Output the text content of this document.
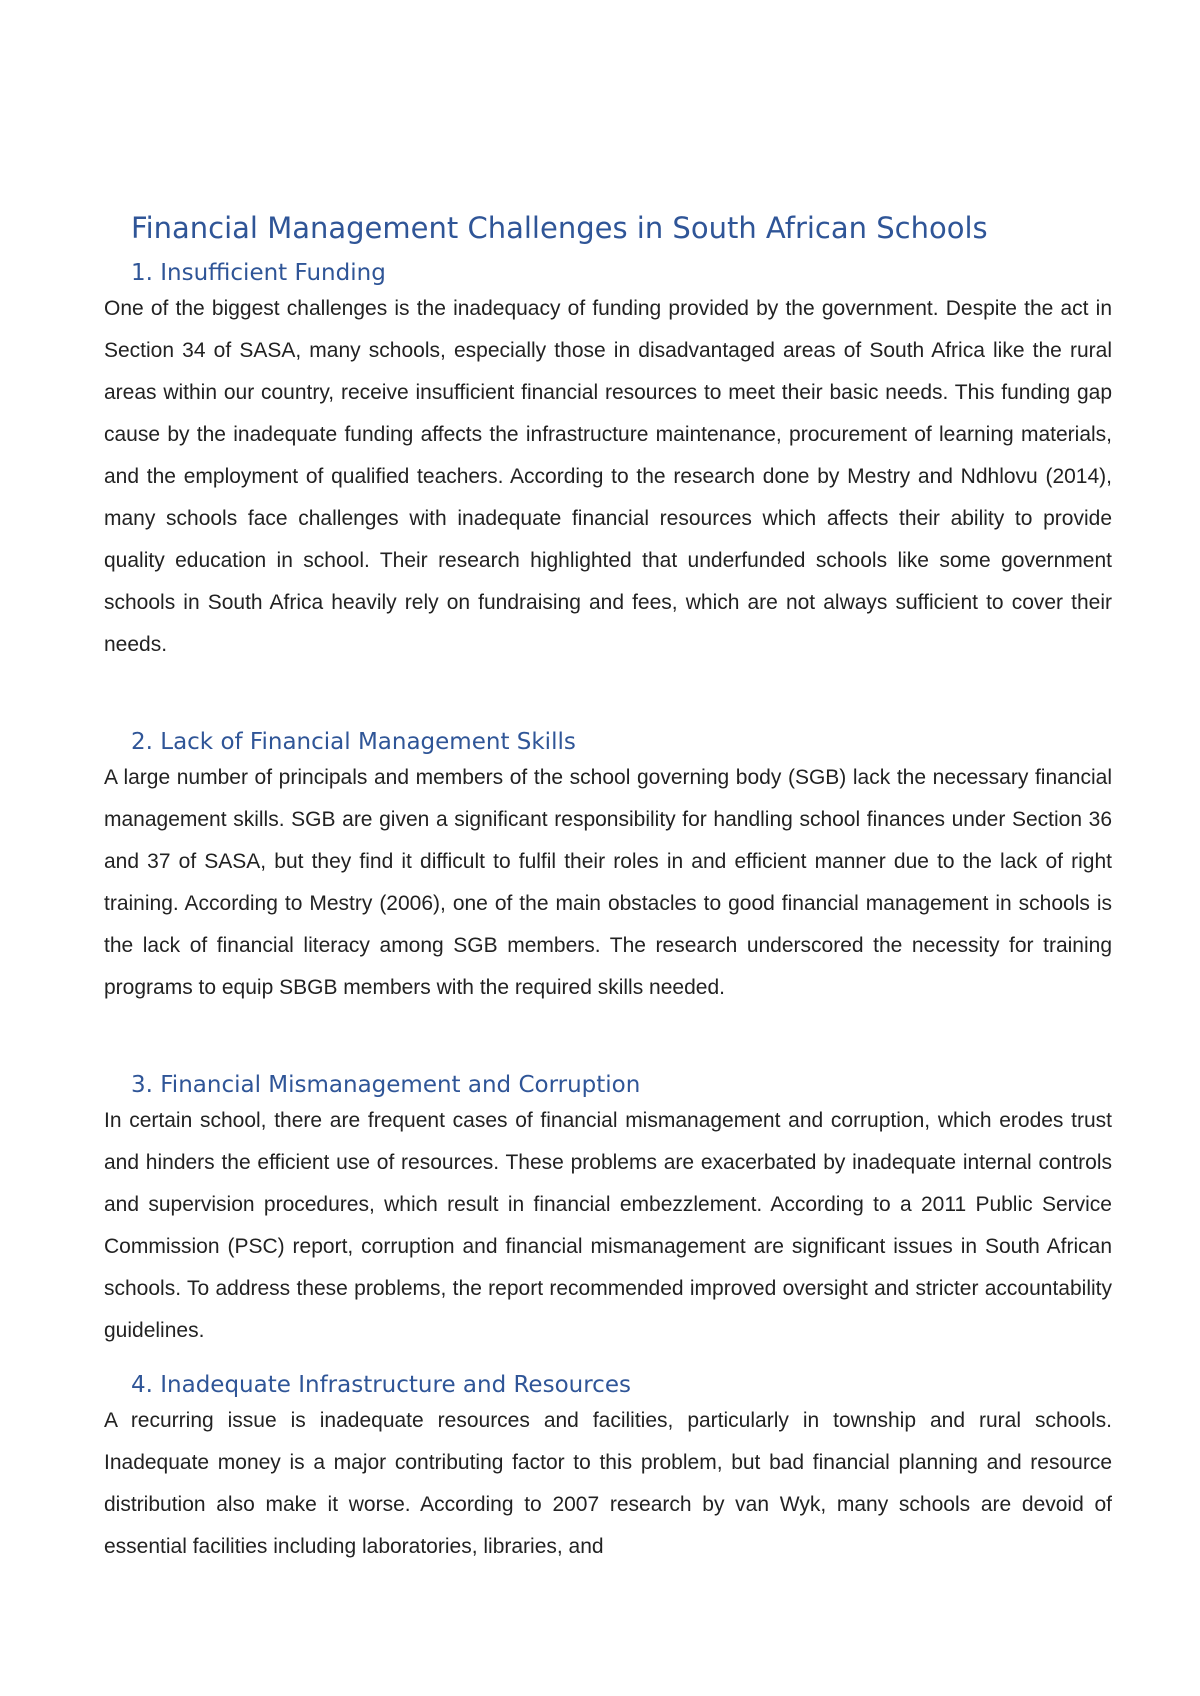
Financial Management Challenges in South African Schools
1. Insufficient Funding

One of the biggest challenges is the inadequacy of funding provided by the government. Despite the act in Section 34 of SASA, many schools, especially those in disadvantaged areas of South Africa like the rural areas within our country, receive insufficient financial resources to meet their basic needs. This funding gap cause by the inadequate funding affects the infrastructure maintenance, procurement of learning materials, and the employment of qualified teachers. According to the research done by Mestry and Ndhlovu (2014), many schools face challenges with inadequate financial resources which affects their ability to provide quality education in school. Their research highlighted that underfunded schools like some government schools in South Africa heavily rely on fundraising and fees, which are not always sufficient to cover their needs.

2. Lack of Financial Management Skills

A large number of principals and members of the school governing body (SGB) lack the necessary financial management skills. SGB are given a significant responsibility for handling school finances under Section 36 and 37 of SASA, but they find it difficult to fulfil their roles in and efficient manner due to the lack of right training. According to Mestry (2006), one of the main obstacles to good financial management in schools is the lack of financial literacy among SGB members. The research underscored the necessity for training programs to equip SBGB members with the required skills needed.

3. Financial Mismanagement and Corruption

In certain school, there are frequent cases of financial mismanagement and corruption, which erodes trust and hinders the efficient use of resources. These problems are exacerbated by inadequate internal controls and supervision procedures, which result in financial embezzlement. According to a 2011 Public Service Commission (PSC) report, corruption and financial mismanagement are significant issues in South African schools. To address these problems, the report recommended improved oversight and stricter accountability guidelines.

4. Inadequate Infrastructure and Resources

A recurring issue is inadequate resources and facilities, particularly in township and rural schools. Inadequate money is a major contributing factor to this problem, but bad financial planning and resource distribution also make it worse. According to 2007 research by van Wyk, many schools are devoid of essential facilities including laboratories, libraries, and
